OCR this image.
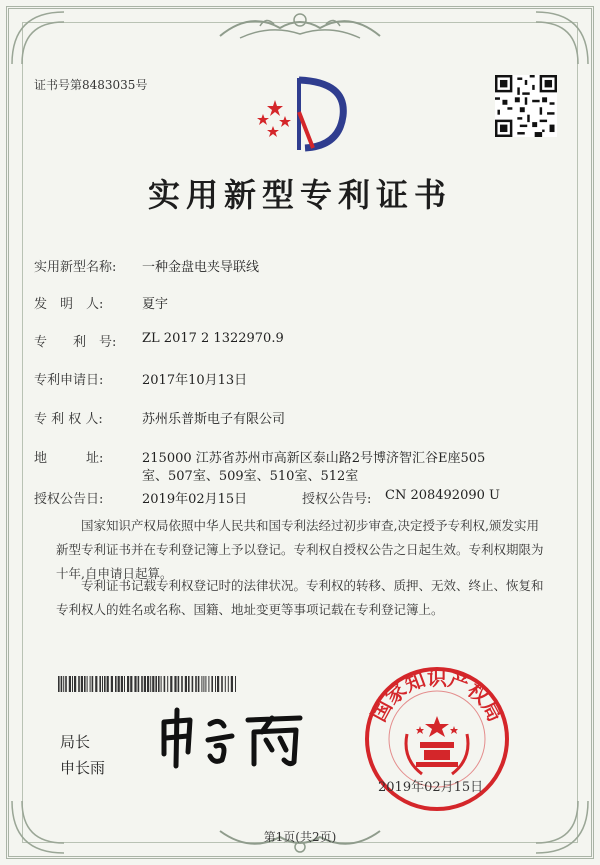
证书号第8483035号
实用新型专利证书
实用新型名称: 一种金盘电夹导联线
发　明　人:	夏宇
专　　利　号: ZL 2017 2 1322970.9
专利申请日:	2017年10月13日
专 利 权 人:	苏州乐普斯电子有限公司
地　　　址:	215000 江苏省苏州市高新区泰山路2号博济智汇谷E座505
室、507室、509室、510室、512室
授权公告日:	2019年02月15日	授权公告号: CN 208492090 U
国家知识产权局依照中华人民共和国专利法经过初步审查,决定授予专利权,颁发实用新型专利证书并在专利登记簿上予以登记。专利权自授权公告之日起生效。专利权期限为十年,自申请日起算。
专利证书记载专利权登记时的法律状况。专利权的转移、质押、无效、终止、恢复和专利权人的姓名或名称、国籍、地址变更等事项记载在专利登记簿上。
局长
申长雨
国家知识产权局
2019年02月15日
第1页(共2页)
